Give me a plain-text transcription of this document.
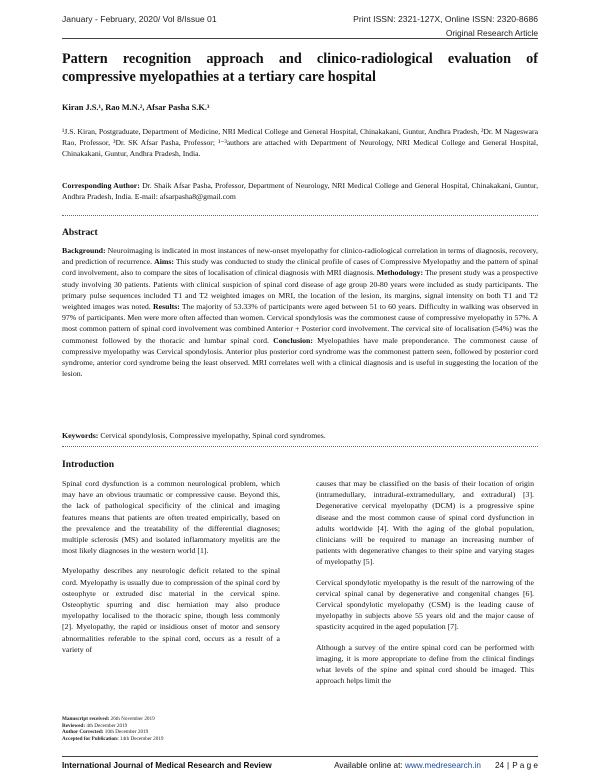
January - February, 2020/ Vol 8/Issue 01	Print ISSN: 2321-127X, Online ISSN: 2320-8686
Original Research Article
Pattern recognition approach and clinico-radiological evaluation of compressive myelopathies at a tertiary care hospital
Kiran J.S.¹, Rao M.N.², Afsar Pasha S.K.³
¹J.S. Kiran, Postgraduate, Department of Medicine, NRI Medical College and General Hospital, Chinakakani, Guntur, Andhra Pradesh, ²Dr. M Nageswara Rao, Professor, ³Dr. SK Afsar Pasha, Professor; ¹⁻³authors are attached with Department of Neurology, NRI Medical College and General Hospital, Chinakakani, Guntur, Andhra Pradesh, India.
Corresponding Author: Dr. Shaik Afsar Pasha, Professor, Department of Neurology, NRI Medical College and General Hospital, Chinakakani, Guntur, Andhra Pradesh, India. E-mail: afsarpasha8@gmail.com
Abstract
Background: Neuroimaging is indicated in most instances of new-onset myelopathy for clinico-radiological correlation in terms of diagnosis, recovery, and prediction of recurrence. Aims: This study was conducted to study the clinical profile of cases of Compressive Myelopathy and the pattern of spinal cord involvement, also to compare the sites of localisation of clinical diagnosis with MRI diagnosis. Methodology: The present study was a prospective study involving 30 patients. Patients with clinical suspicion of spinal cord disease of age group 20-80 years were included as study participants. The primary pulse sequences included T1 and T2 weighted images on MRI, the location of the lesion, its margins, signal intensity on both T1 and T2 weighted images was noted. Results: The majority of 53.33% of participants were aged between 51 to 60 years. Difficulty in walking was observed in 97% of participants. Men were more often affected than women. Cervical spondylosis was the commonest cause of compressive myelopathy in 57%. A most common pattern of spinal cord involvement was combined Anterior + Posterior cord involvement. The cervical site of localisation (54%) was the commonest followed by the thoracic and lumbar spinal cord. Conclusion: Myelopathies have male preponderance. The commonest cause of compressive myelopathy was Cervical spondylosis. Anterior plus posterior cord syndrome was the commonest pattern seen, followed by posterior cord syndrome, anterior cord syndrome being the least observed. MRI correlates well with a clinical diagnosis and is useful in suggesting the location of the lesion.
Keywords: Cervical spondylosis, Compressive myelopathy, Spinal cord syndromes.
Introduction

Spinal cord dysfunction is a common neurological problem, which may have an obvious traumatic or compressive cause. Beyond this, the lack of pathological specificity of the clinical and imaging features means that patients are often treated empirically, based on the prevalence and the treatability of the differential diagnoses; multiple sclerosis (MS) and isolated inflammatory myelitis are the most likely diagnoses in the western world [1].

Myelopathy describes any neurologic deficit related to the spinal cord. Myelopathy is usually due to compression of the spinal cord by osteophyte or extruded disc material in the cervical spine. Osteophytic spurring and disc herniation may also produce myelopathy localised to the thoracic spine, though less commonly [2]. Myelopathy, the rapid or insidious onset of motor and sensory abnormalities referable to the spinal cord, occurs as a result of a variety of

causes that may be classified on the basis of their location of origin (intramedullary, intradural-extramedullary, and extradural) [3]. Degenerative cervical myelopathy (DCM) is a progressive spine disease and the most common cause of spinal cord dysfunction in adults worldwide [4]. With the aging of the global population, clinicians will be required to manage an increasing number of patients with degenerative changes to their spine and varying stages of myelopathy [5].

Cervical spondylotic myelopathy is the result of the narrowing of the cervical spinal canal by degenerative and congenital changes [6]. Cervical spondylotic myelopathy (CSM) is the leading cause of myelopathy in subjects above 55 years old and the major cause of spasticity acquired in the aged population [7].

Although a survey of the entire spinal cord can be performed with imaging, it is more appropriate to define from the clinical findings what levels of the spine and spinal cord should be imaged. This approach helps limit the

Manuscript received: 26th November 2019
Reviewed: 4th December 2019
Author Corrected: 10th December 2019
Accepted for Publication: 14th December 2019
International Journal of Medical Research and Review	Available online at: www.medresearch.in 24 | P a g e
